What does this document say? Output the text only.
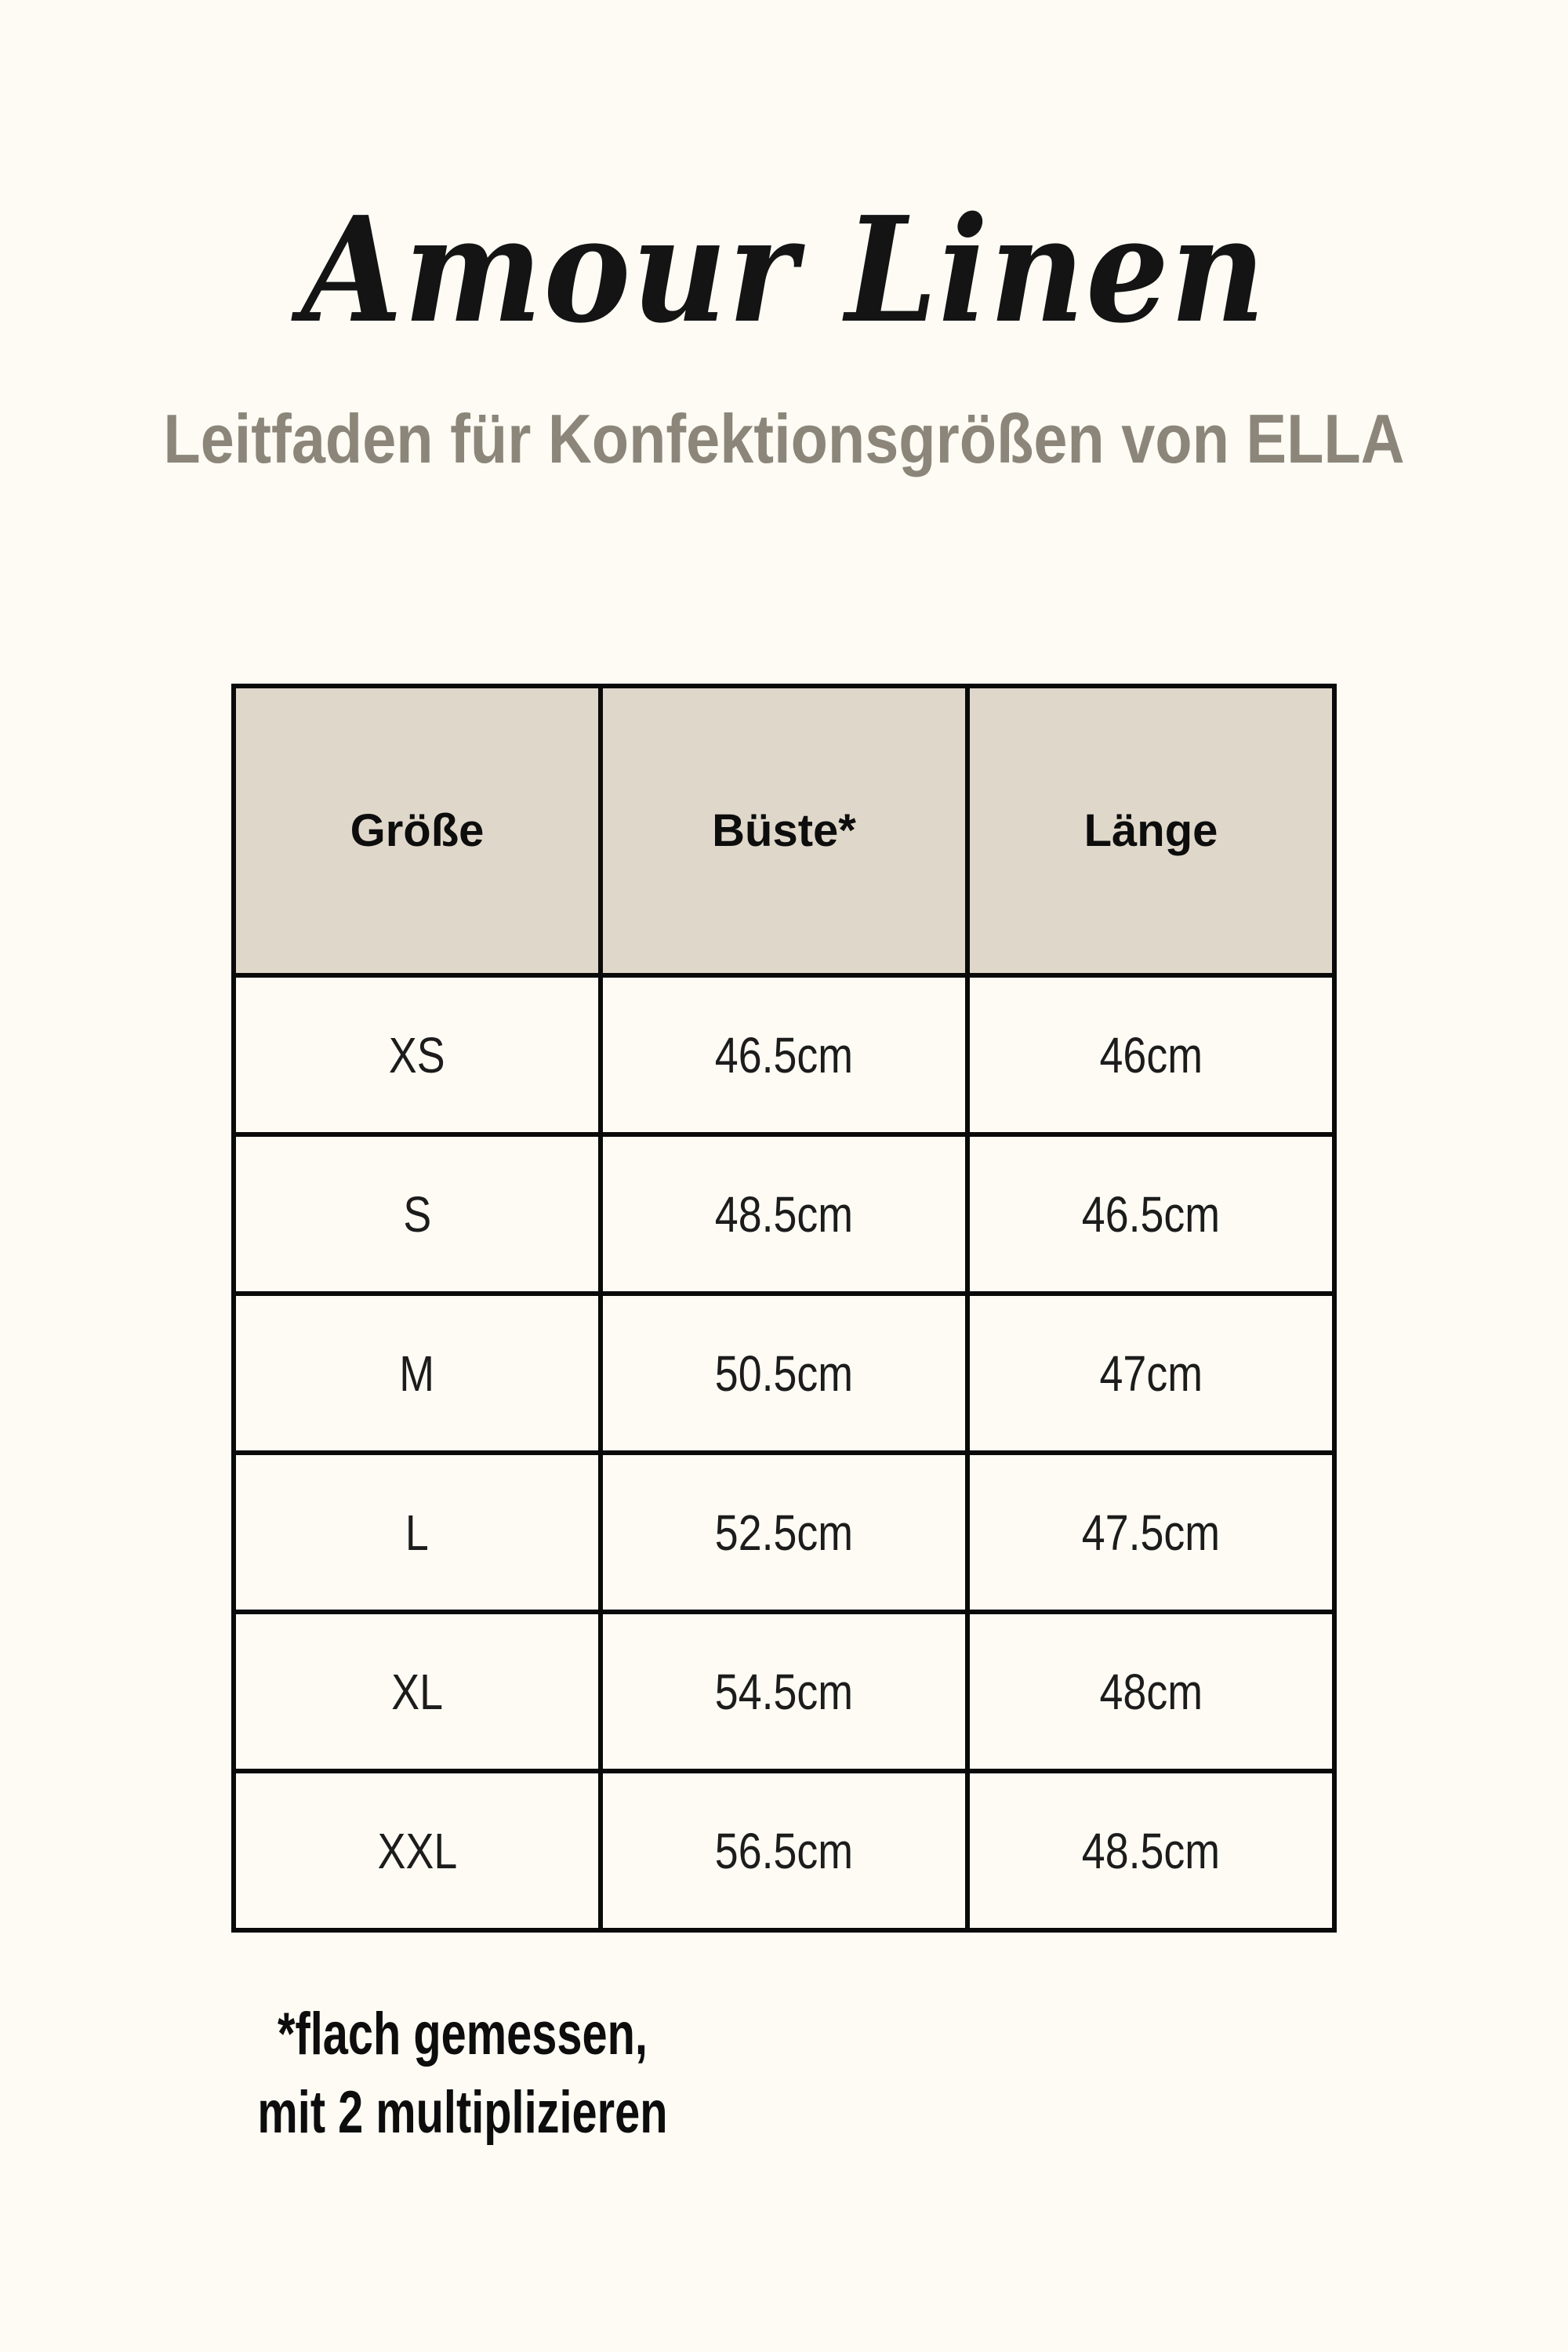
Amour Linen
Leitfaden für Konfektionsgrößen von ELLA
Größe	Büste*	Länge
XS	46.5cm	46cm
S	48.5cm	46.5cm
M	50.5cm	47cm
L	52.5cm	47.5cm
XL	54.5cm	48cm
XXL	56.5cm	48.5cm
*flach gemessen,
mit 2 multiplizieren
